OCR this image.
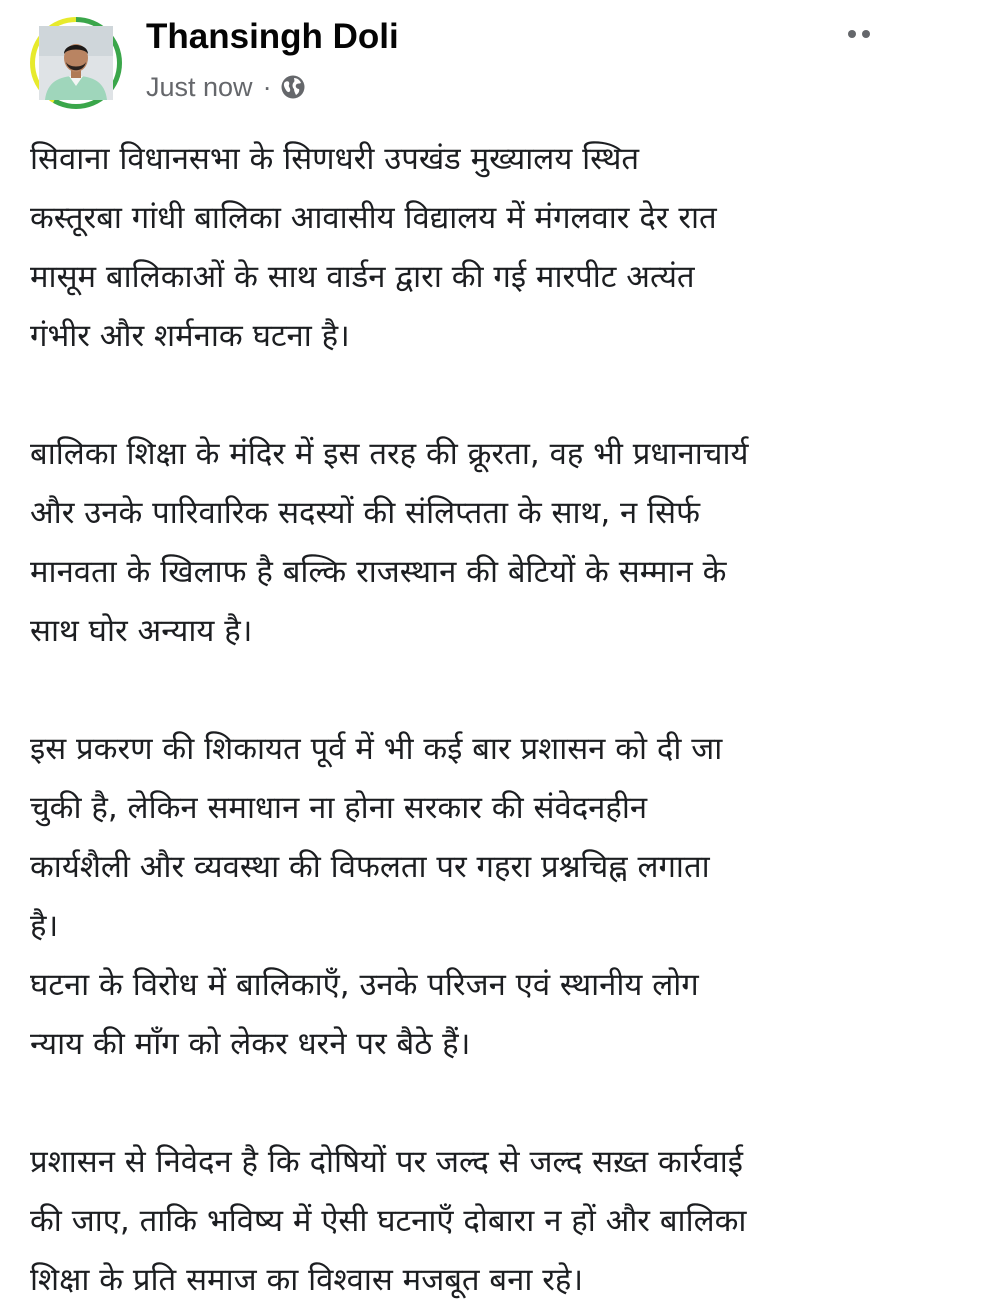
Thansingh Doli
Just now ·
सिवाना विधानसभा के सिणधरी उपखंड मुख्यालय स्थित
कस्तूरबा गांधी बालिका आवासीय विद्यालय में मंगलवार देर रात
मासूम बालिकाओं के साथ वार्डन द्वारा की गई मारपीट अत्यंत
गंभीर और शर्मनाक घटना है।
बालिका शिक्षा के मंदिर में इस तरह की क्रूरता, वह भी प्रधानाचार्य
और उनके पारिवारिक सदस्यों की संलिप्तता के साथ, न सिर्फ
मानवता के खिलाफ है बल्कि राजस्थान की बेटियों के सम्मान के
साथ घोर अन्याय है।
इस प्रकरण की शिकायत पूर्व में भी कई बार प्रशासन को दी जा
चुकी है, लेकिन समाधान ना होना सरकार की संवेदनहीन
कार्यशैली और व्यवस्था की विफलता पर गहरा प्रश्नचिह्न लगाता
है।
घटना के विरोध में बालिकाएँ, उनके परिजन एवं स्थानीय लोग
न्याय की माँग को लेकर धरने पर बैठे हैं।
प्रशासन से निवेदन है कि दोषियों पर जल्द से जल्द सख़्त कार्रवाई
की जाए, ताकि भविष्य में ऐसी घटनाएँ दोबारा न हों और बालिका
शिक्षा के प्रति समाज का विश्वास मजबूत बना रहे।
